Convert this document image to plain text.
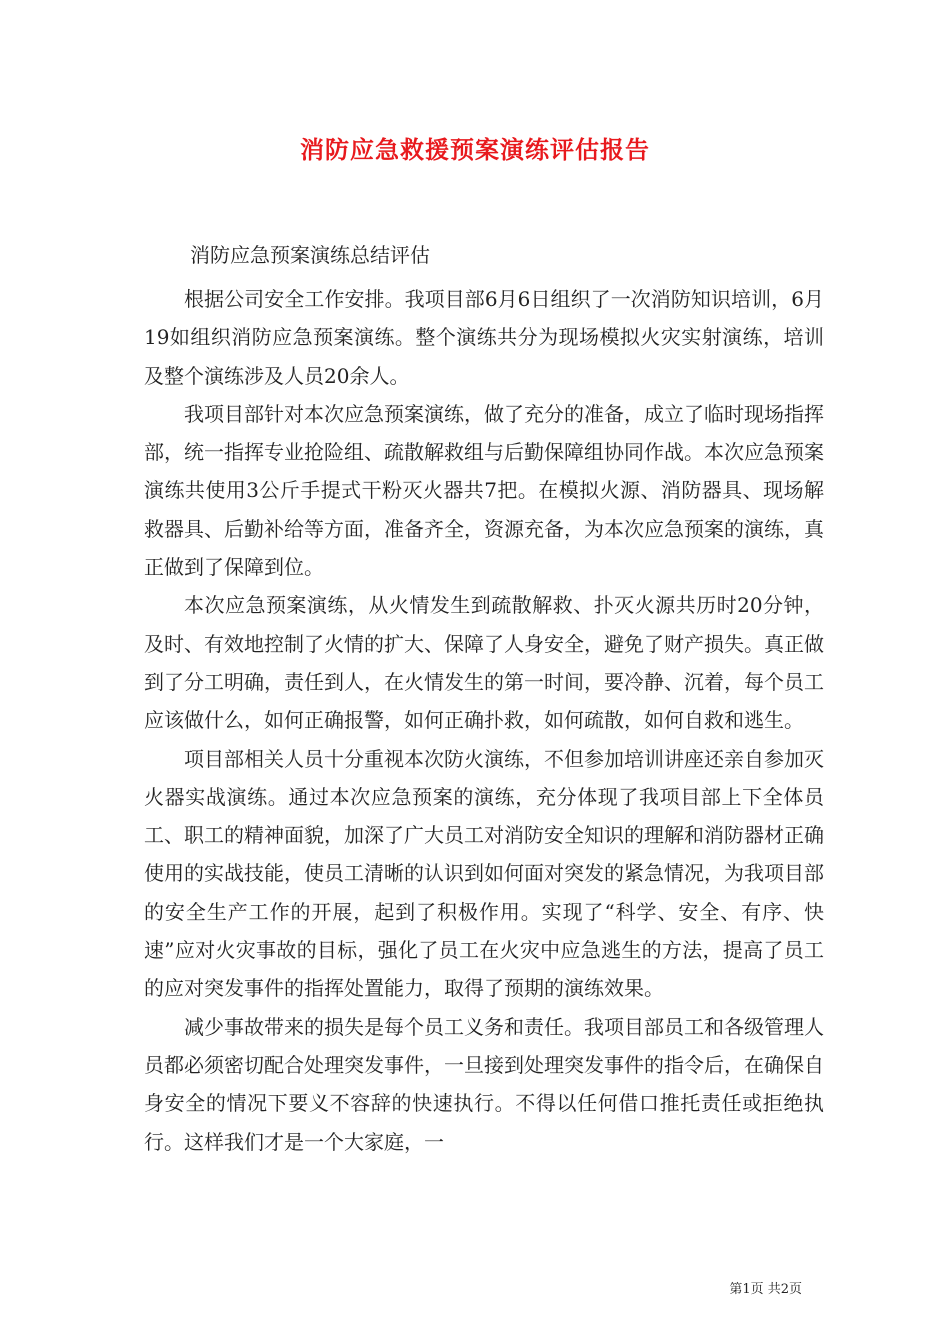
消防应急救援预案演练评估报告

消防应急预案演练总结评估

根据公司安全工作安排。我项目部6月6日组织了一次消防知识培训，6月19如组织消防应急预案演练。整个演练共分为现场模拟火灾实射演练，培训及整个演练涉及人员20余人。

我项目部针对本次应急预案演练，做了充分的准备，成立了临时现场指挥部，统一指挥专业抢险组、疏散解救组与后勤保障组协同作战。本次应急预案演练共使用3公斤手提式干粉灭火器共7把。在模拟火源、消防器具、现场解救器具、后勤补给等方面，准备齐全，资源充备，为本次应急预案的演练，真正做到了保障到位。

本次应急预案演练，从火情发生到疏散解救、扑灭火源共历时20分钟，及时、有效地控制了火情的扩大、保障了人身安全，避免了财产损失。真正做到了分工明确，责任到人，在火情发生的第一时间，要冷静、沉着，每个员工应该做什么，如何正确报警，如何正确扑救，如何疏散，如何自救和逃生。

项目部相关人员十分重视本次防火演练，不但参加培训讲座还亲自参加灭火器实战演练。通过本次应急预案的演练，充分体现了我项目部上下全体员工、职工的精神面貌，加深了广大员工对消防安全知识的理解和消防器材正确使用的实战技能，使员工清晰的认识到如何面对突发的紧急情况，为我项目部的安全生产工作的开展，起到了积极作用。实现了“科学、安全、有序、快速”应对火灾事故的目标，强化了员工在火灾中应急逃生的方法，提高了员工的应对突发事件的指挥处置能力，取得了预期的演练效果。

减少事故带来的损失是每个员工义务和责任。我项目部员工和各级管理人员都必须密切配合处理突发事件，一旦接到处理突发事件的指令后，在确保自身安全的情况下要义不容辞的快速执行。不得以任何借口推托责任或拒绝执行。这样我们才是一个大家庭，一

第1页 共2页
